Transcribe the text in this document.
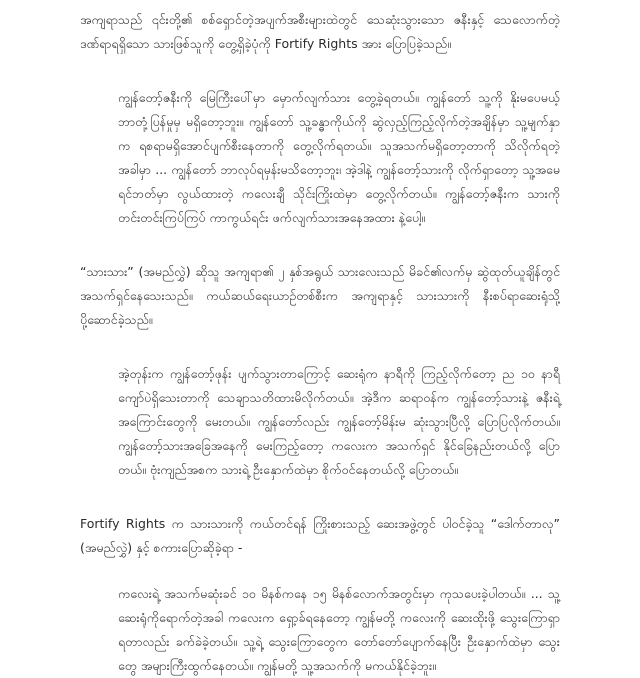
အကျရာသည် ၎င်းတို့၏ စစ်ရှောင်တဲ့အပျက်အစီးများထဲတွင် သေဆုံးသွားသော ဇနီးနှင့် သေလောက်တဲ့ ဒဏ်ရာရရှိသော သားဖြစ်သူကို တွေ့ရှိခဲ့ပုံကို Fortify Rights အား ပြောပြခဲ့သည်။

ကျွန်တော့်ဇနီးကို မြေကြီးပေါ်မှာ မှောက်လျက်သား တွေ့ခဲ့ရတယ်။ ကျွန်တော် သူ့ကို နိုးမပေမယ့် ဘာတုံ့ပြန်မှုမှ မရှိတော့ဘူး။ ကျွန်တော် သူ့ခန္ဓာကိုယ်ကို ဆွဲလှည့်ကြည့်လိုက်တဲ့အချိန်မှာ သူ့မျက်နှာက ရစရာမရှိအောင်ပျက်စီးနေတာကို တွေ့လိုက်ရတယ်။ သူအသက်မရှိတော့တာကို သိလိုက်ရတဲ့အခါမှာ ... ကျွန်တော် ဘာလုပ်ရမှန်းမသိတော့ဘူး၊ အဲ့ဒါနဲ့ ကျွန်တော့်သားကို လိုက်ရှာတော့ သူ့အမေ ရင်ဘတ်မှာ လွယ်ထားတဲ့ ကလေးချီ သိုင်းကြိုးထဲမှာ တွေ့လိုက်တယ်။ ကျွန်တော့်ဇနီးက သားကို တင်းတင်းကြပ်ကြပ် ကာကွယ်ရင်း ဖက်လျက်သားအနေအထား နဲ့ပေါ့။

“သားသား” (အမည်လွှဲ) ဆိုသူ အကျရာ၏ ၂ နှစ်အရွယ် သားလေးသည် မိခင်၏လက်မှ ဆွဲထုတ်ယူချိန်တွင် အသက်ရှင်နေသေးသည်။ ကယ်ဆယ်ရေးယာဉ်တစ်စီးက အကျရာနှင့် သားသားကို နီးစပ်ရာဆေးရုံသို့ ပို့ဆောင်ခဲ့သည်။

အဲ့တုန်းက ကျွန်တော့်ဖုန်း ပျက်သွားတာကြောင့် ဆေးရုံက နာရီကို ကြည့်လိုက်တော့ ည ၁၀ နာရီကျော်ပဲရှိသေးတာကို သေချာသတိထားမိလိုက်တယ်။ အဲ့ဒီက ဆရာဝန်က ကျွန်တော့်သားနဲ့ ဇနီးရဲ့ အကြောင်းတွေကို မေးတယ်။ ကျွန်တော်လည်း ကျွန်တော့်မိန်းမ ဆုံးသွားပြီလို့ ပြောပြလိုက်တယ်။ ကျွန်တော့်သားအခြေအနေကို မေးကြည့်တော့ ကလေးက အသက်ရှင် နိုင်ခြေနည်းတယ်လို့ ပြောတယ်။ ဗုံးကျည်အစက သားရဲ့ ဦးနှောက်ထဲမှာ စိုက်ဝင်နေတယ်လို့ ပြောတယ်။

Fortify Rights က သားသားကို ကယ်တင်ရန် ကြိုးစားသည့် ဆေးအဖွဲ့တွင် ပါဝင်ခဲ့သူ “ဒေါက်တာလု” (အမည်လွှဲ) နှင့် စကားပြောဆိုခဲ့ရာ -

ကလေးရဲ့ အသက်မဆုံးခင် ၁၀ မိနစ်ကနေ ၁၅ မိနစ်လောက်အတွင်းမှာ ကုသပေးခဲ့ပါတယ်။ ... သူ့ဆေးရုံကိုရောက်တဲ့အခါ ကလေးက ရှော့ခ်ရနေတော့ ကျွန်မတို့ ကလေးကို ဆေးထိုးဖို့ သွေးကြောရှာရတာလည်း ခက်ခဲခဲ့တယ်။ သူ့ရဲ့ သွေးကြောတွေက တော်တော်ပျောက်နေပြီး ဦးနှောက်ထဲမှာ သွေးတွေ အများကြီးထွက်နေတယ်။ ကျွန်မတို့ သူ့အသက်ကို မကယ်နိုင်ခဲ့ဘူး။
